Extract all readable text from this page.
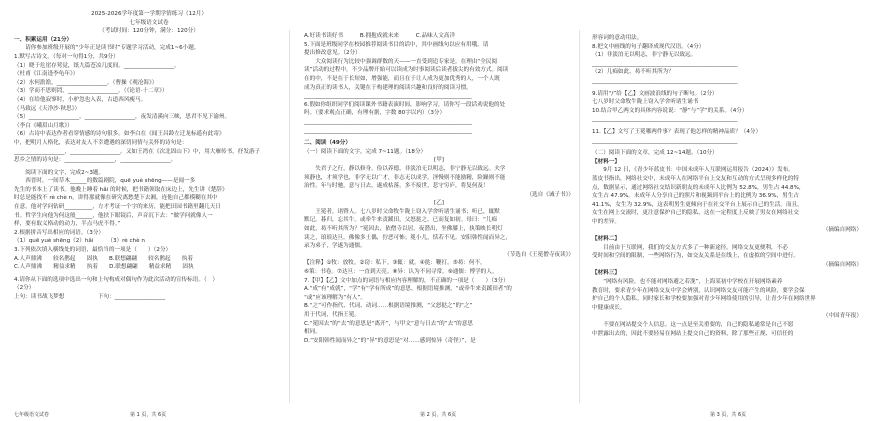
2025-2026学年度第一学期学情练习（12月）

七年级语文试卷

（考试时间：120分钟，满分：120分）

一、积累运用（21分）

　　请你参加班级开展的“少年正是读书时”专题学习活动，完成1~6小题。

1.默写古诗文。（每对一句得1分，共9分）

（1）晓于危崖存莺觉，纸九篇苍凉几度间。__________________。

（杜甫《江南逢李龟年》）

（2）水何澹澹，__________________。（曹操《观沧海》）

（3）学而不思则罔，__________________。（《论语·十二章》）

（4）在给他寂寥时，小驴忽也入表，古道西风瘦马。

（马致远《天净沙·秋思》）

（5）__________________，__________________，夜发清溪向三峡，思君不见下渝州。

（李白《峨眉山月歌》）

（6）古诗中表达作者看穿情感的诗句很多。如李白在《闻王昌龄左迁龙标遥有此寄》

中，把明月人格化，表达对友人不幸遭遇的深切同情与关怀的诗句是：

__________________，__________________。又如王湾在《次北固山下》中，用大雁传书，抒发游子

思乡之情的诗句是：__________________，__________________。

　　阅读下面的文字，完成2~3题。

　　西晋时，一间草木______的数篇剧院，quē yuè shēng——是闻一多

先生的书本上了读书。他晚上睡着 hǎi 的时候，把书籍领取在床边上，先生讲《楚辞》

时总是能找不 rè chè n，讲得那就像在研究离愁楚下去湘，连他自己都模糊在其中

在意。他对学问钻研__________，方才考证一个字的来历，能把田园书籍里翻几天日

书。哲学生向他为何这般______，他扶下眼镜后，声音沉下去：“做学问就像人一

样，要有取义格动的动力，半点马虎不得。”

2.根据拼音写出相应的词语。（3分）

（1）quē yuè shēng（2）hǎi　　　（3）rè chè n

3.下列依次填入横线处的词语，最恰当的一项是（　　）（2分）

A.人声鼎沸　　较名鹊起　　固执　　B.联想翩翩　　较名鹊起　　执着

C.人声鼎沸　　精益求精　　执着　　D.联想翩翩　　精益求精　　固执

4.请你从下面的选项中选出一句和上句构成对偶句作为此次活动的宣传标语。（　）

（2分）

上句：读书战飞梦想　　　　　　下句：__________________

七年级语文试卷	第 1 页，共 6页

A.好读书读好书　　　B.拥抱成就未来　　　C.品味人文高洋

5.下面是班级同学在校园推荐阅读书目的话中，其中画线句以应有用哦，请

提出修改意见。（2分）

　　大众阅读行为比较中强调群数的天——一直受到追专家是。在理由“全民阅

读”活动的过程中，不少品牌开始可以读成为时事阅读后读者拔尖的有效方式。阅读

在的中，不是在于长短如，增强能，而且在于让人成为更加优秀的人，一个人既

成为真正的读书人，关键在于构建理的阅读兴趣和良好的阅读习惯。

____________________________________________________________

6.假如你组织同学们阅读课外书籍表演时间，影响学习，请你写一段话劝说他的处

吗。（要求观点正确，有理有据，字数 80字以内）（3分）

____________________________________________________________

____________________________________________________________

二、阅读（49分）

（一）阅读下面的文字，完成 7~11题。（18分）

[甲]

　　失君子之行，静以修身，俭以养德，非淡泊无以明志，非宁静无以致远。夫学

须静也，才须学也，非学无以广才，非志无以成学。淫慢则不能励精，险躁则不能

治性。年与时驰，意与日去，遂成枯落，多不接世，悲守穷庐，将复何及！

（选自《诫子书》）

[乙]

　　王冕者，诸暨人。七八岁时父命牧牛陇上窃入学舍听诸生诵书；听已，辄默

默记。暮归，忘其牛。或牵牛来责蹊田，父怒挞之。已而复如初。母曰：“儿痴

如此，曷不听其所为？”冕因去，依僧寺以居。夜潜出，坐佛膝上，执策映长明灯

读之，琅琅达旦。佛像多土偶，狞恶可怖；冕小儿，恬若不见。安阳韩性闻而异之，

录为弟子，学遂为通儒。

（节选自《王冕僧寺夜读》）

【注释】①牧：放牧。②窃：私下。③辄：就。④挞：鞭打。⑤曷：何不。

⑥策：书卷。⑦达旦：一直到天亮。⑧异：认为不同寻常。⑨通儒：博学的人。

7.【甲】【乙】文中加点的词语与相应内容理解的，不正确的一项是（　　）（3分）

A.“成”有“成就”，“学”有“学有所成”的意思。根据语境推测，“或牵牛来责蹊田者”的

“或”应该理解为“有人”。

B.“之”可作指代、代词、动词……根据语境推测，“父怒挞之”的“之”

用于代词，代指王冕。

C.“冕因去”的“去”的意思是“离开”，与甲文“意与日去”的“去”的意思

相同。

D.“安阳韩性闻而异之”的“异”的意思是“对……感到惊异（奇怪）”，是

第 2 页，共 6页

形容词的意动用法。

8.把文中画线的句子翻译成现代汉语。（4分）

（1）非淡泊无以明志，非宁静无以致远。

____________________________________________________

（2）儿痴如此，曷不听其所为？

____________________________________________________

9.请用“/”给【乙】文画波浪线的句子断句。（2分）

七八岁时父命牧牛陇上窃入学舍听诸生诵书

10.结合甲乙两文的具体内容说说：“静”与“学”的关系。（4分）

____________________________________________________

11.【乙】文写了王冕哪两件事？表现了他怎样的精神品质？（4分）

____________________________________________________

（二）阅读下面的文章，完成 12~14题。（10分）

【材料一】

　　9月 12 日，《青少年蓝皮书：中国未成年人互联网运用报告（2024）》发布。

蓝皮书指出，网络社交中，未成年人在网络平台上交友和互动的方式呈现多样化的特

点，数据显示，通过网络社交结识新朋友的未成年人比例为 52.8%，男生占 44.8%，

女生占 47.9%。未成年人分享自己的照片和视频到平台上的比例为 36.9%，男生占

41.1%，女生为 32.9%，这表明男生更倾向于在社交平台上展示自己的生活。而且，

女生在网上交流时，更注意保护自己的隐私，这在一定程度上反映了男女在网络社交

中的差异。

（摘编自网络）

【材料二】

　　目前由于互联网，我们的交友方式多了一种新途径。网络交友更便利，不必

受时间和空间的限制，一些网络行为，如交友关系是在线上，在虚拟的空间中进行。

（摘编自网络）

【材料三】

　　“网络有风险，也不能对网络避之若浼”，上海某初中学校在开展网络素养

教育时，要求青少年在网络交友中学会辨别，认识网络交友可能产生的风险，要学会保

护自己的个人隐私。同时家长和学校要加强对青少年网络使用的引导，让青少年在网络世界

中健康成长。

（中国青年报）

　　不要在网站提交个人信息。这一点是至关重要的，自己的隐私通常是自己不愿

中泄露出去的，因此不要轻易在网站上提交自己的资料，除了那些正规、可信任的

第 3 页，共 6页
